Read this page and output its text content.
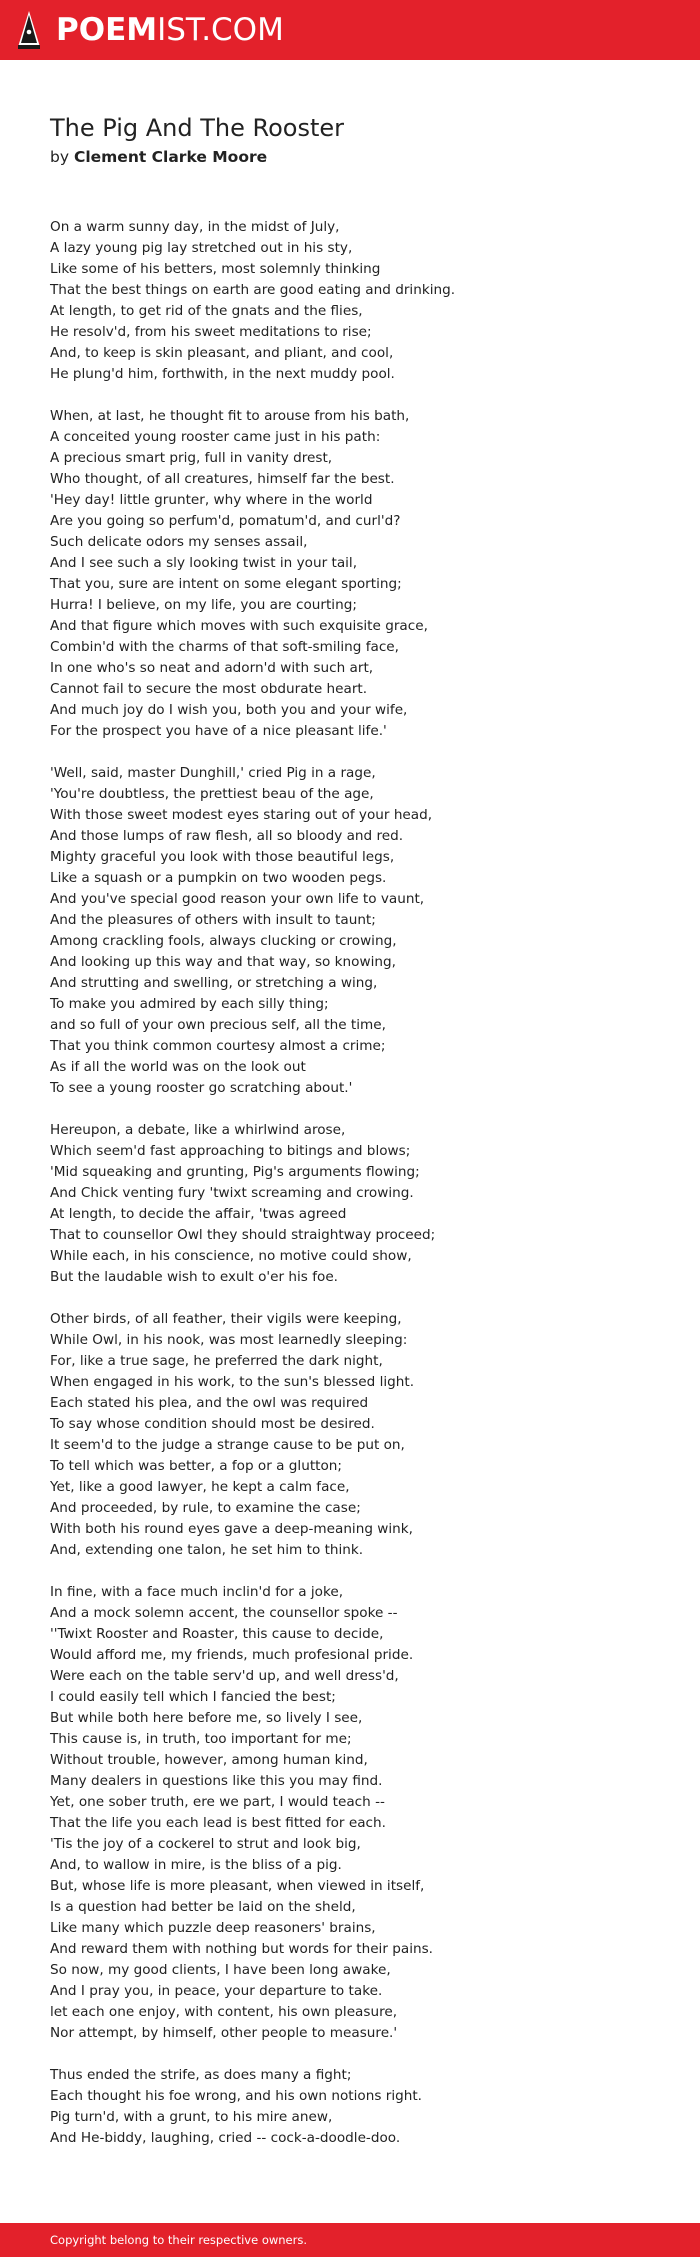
POEMIST.COM
The Pig And The Rooster
by Clement Clarke Moore
On a warm sunny day, in the midst of July,
A lazy young pig lay stretched out in his sty,
Like some of his betters, most solemnly thinking
That the best things on earth are good eating and drinking.
At length, to get rid of the gnats and the flies,
He resolv'd, from his sweet meditations to rise;
And, to keep is skin pleasant, and pliant, and cool,
He plung'd him, forthwith, in the next muddy pool.
When, at last, he thought fit to arouse from his bath,
A conceited young rooster came just in his path:
A precious smart prig, full in vanity drest,
Who thought, of all creatures, himself far the best.
'Hey day! little grunter, why where in the world
Are you going so perfum'd, pomatum'd, and curl'd?
Such delicate odors my senses assail,
And I see such a sly looking twist in your tail,
That you, sure are intent on some elegant sporting;
Hurra! I believe, on my life, you are courting;
And that figure which moves with such exquisite grace,
Combin'd with the charms of that soft-smiling face,
In one who's so neat and adorn'd with such art,
Cannot fail to secure the most obdurate heart.
And much joy do I wish you, both you and your wife,
For the prospect you have of a nice pleasant life.'
'Well, said, master Dunghill,' cried Pig in a rage,
'You're doubtless, the prettiest beau of the age,
With those sweet modest eyes staring out of your head,
And those lumps of raw flesh, all so bloody and red.
Mighty graceful you look with those beautiful legs,
Like a squash or a pumpkin on two wooden pegs.
And you've special good reason your own life to vaunt,
And the pleasures of others with insult to taunt;
Among crackling fools, always clucking or crowing,
And looking up this way and that way, so knowing,
And strutting and swelling, or stretching a wing,
To make you admired by each silly thing;
and so full of your own precious self, all the time,
That you think common courtesy almost a crime;
As if all the world was on the look out
To see a young rooster go scratching about.'
Hereupon, a debate, like a whirlwind arose,
Which seem'd fast approaching to bitings and blows;
'Mid squeaking and grunting, Pig's arguments flowing;
And Chick venting fury 'twixt screaming and crowing.
At length, to decide the affair, 'twas agreed
That to counsellor Owl they should straightway proceed;
While each, in his conscience, no motive could show,
But the laudable wish to exult o'er his foe.
Other birds, of all feather, their vigils were keeping,
While Owl, in his nook, was most learnedly sleeping:
For, like a true sage, he preferred the dark night,
When engaged in his work, to the sun's blessed light.
Each stated his plea, and the owl was required
To say whose condition should most be desired.
It seem'd to the judge a strange cause to be put on,
To tell which was better, a fop or a glutton;
Yet, like a good lawyer, he kept a calm face,
And proceeded, by rule, to examine the case;
With both his round eyes gave a deep-meaning wink,
And, extending one talon, he set him to think.
In fine, with a face much inclin'd for a joke,
And a mock solemn accent, the counsellor spoke --
''Twixt Rooster and Roaster, this cause to decide,
Would afford me, my friends, much profesional pride.
Were each on the table serv'd up, and well dress'd,
I could easily tell which I fancied the best;
But while both here before me, so lively I see,
This cause is, in truth, too important for me;
Without trouble, however, among human kind,
Many dealers in questions like this you may find.
Yet, one sober truth, ere we part, I would teach --
That the life you each lead is best fitted for each.
'Tis the joy of a cockerel to strut and look big,
And, to wallow in mire, is the bliss of a pig.
But, whose life is more pleasant, when viewed in itself,
Is a question had better be laid on the sheld,
Like many which puzzle deep reasoners' brains,
And reward them with nothing but words for their pains.
So now, my good clients, I have been long awake,
And I pray you, in peace, your departure to take.
let each one enjoy, with content, his own pleasure,
Nor attempt, by himself, other people to measure.'
Thus ended the strife, as does many a fight;
Each thought his foe wrong, and his own notions right.
Pig turn'd, with a grunt, to his mire anew,
And He-biddy, laughing, cried -- cock-a-doodle-doo.
Copyright belong to their respective owners.
